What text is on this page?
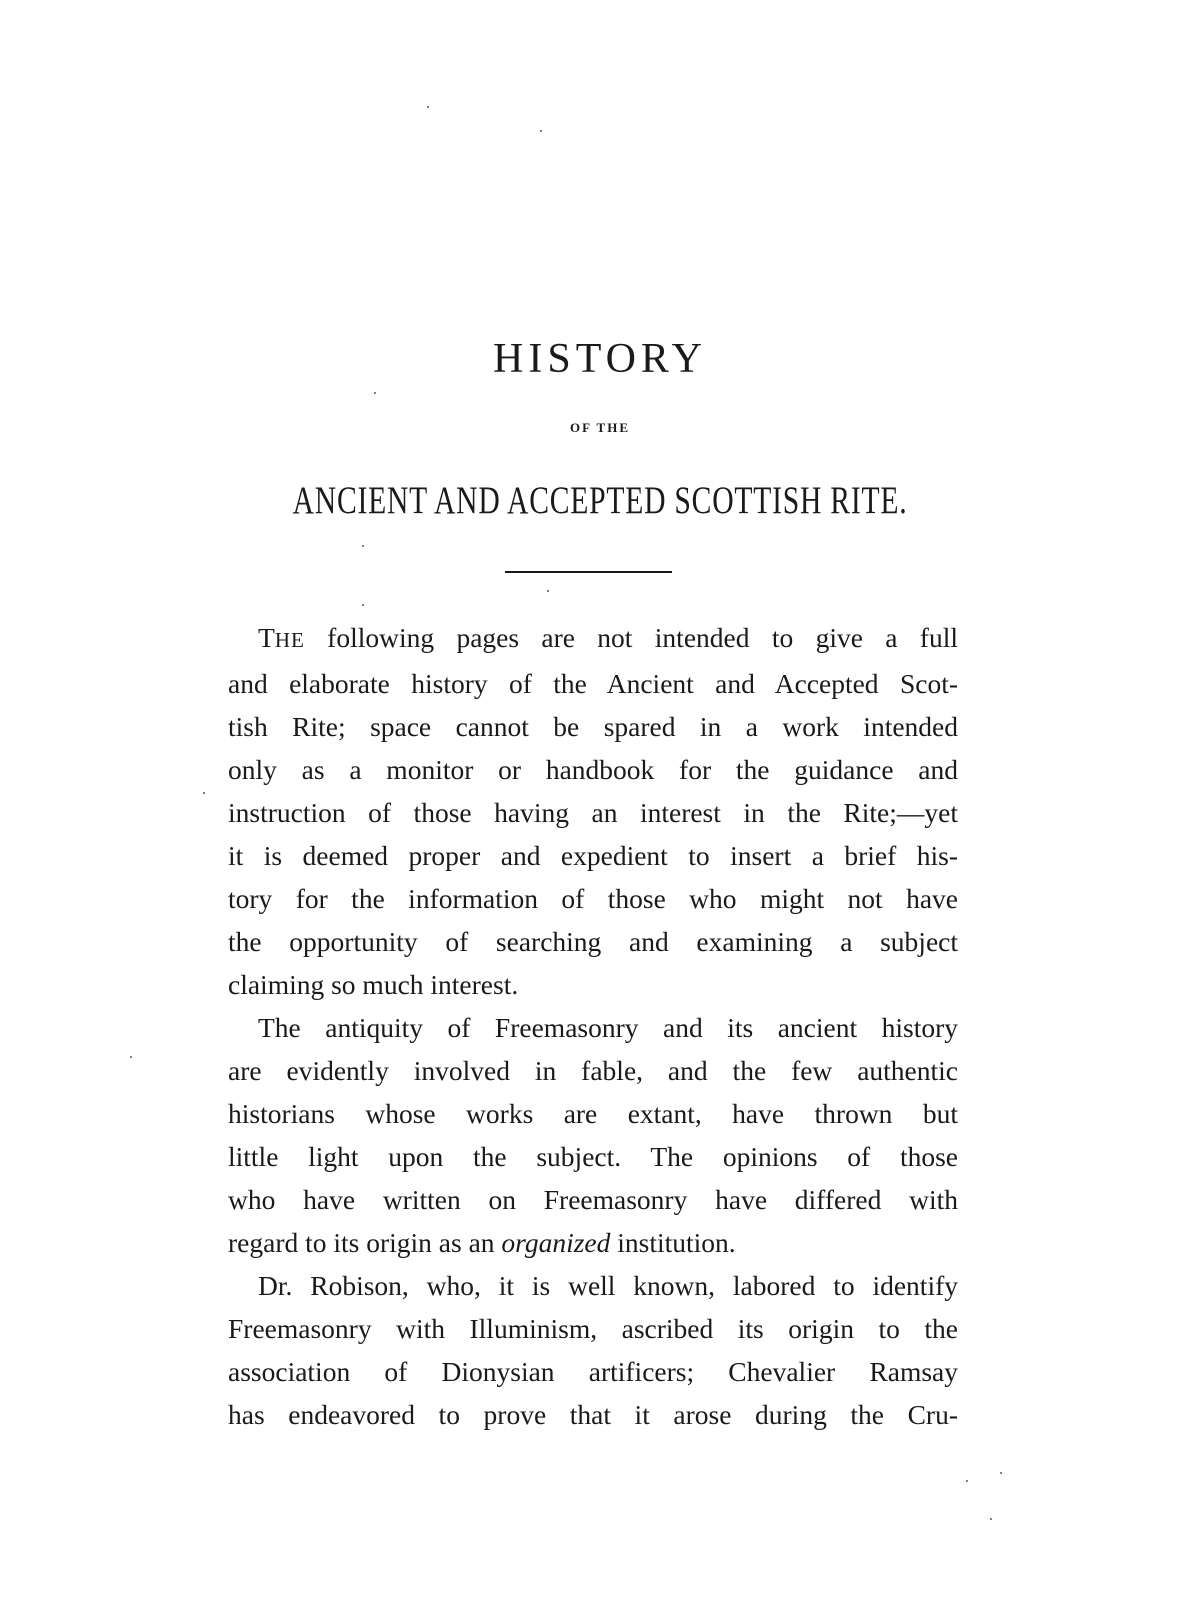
HISTORY
OF THE
ANCIENT AND ACCEPTED SCOTTISH RITE.
THE following pages are not intended to give a full
and elaborate history of the Ancient and Accepted Scot-
tish Rite; space cannot be spared in a work intended
only as a monitor or handbook for the guidance and
instruction of those having an interest in the Rite;—yet
it is deemed proper and expedient to insert a brief his-
tory for the information of those who might not have
the opportunity of searching and examining a subject
claiming so much interest.
The antiquity of Freemasonry and its ancient history
are evidently involved in fable, and the few authentic
historians whose works are extant, have thrown but
little light upon the subject. The opinions of those
who have written on Freemasonry have differed with
regard to its origin as an organized institution.
Dr. Robison, who, it is well known, labored to identify
Freemasonry with Illuminism, ascribed its origin to the
association of Dionysian artificers; Chevalier Ramsay
has endeavored to prove that it arose during the Cru-
